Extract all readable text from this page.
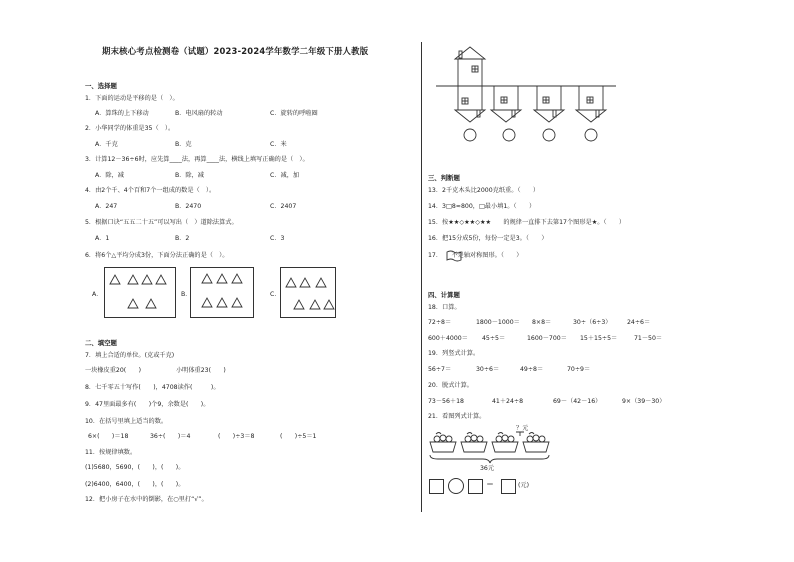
期末核心考点检测卷（试题）2023-2024学年数学二年级下册人教版
一、选择题
1．下面的运动是平移的是（　）。
A．算珠的上下移动	B．电风扇的转动	C．旋转的呼啦圈
2．小华同学的体重是35（　）。
A．千克	B．克	C．米
3．计算12－36÷6时，应先算____法，再算____法，横线上填写正确的是（　）。
A．除，减	B．除，减	C．减，加
4．由2个千、4个百和7个一组成的数是（　）。
A．247	B．2470	C．2407
5．根据口诀“五五二十五”可以写出（　）道除法算式。
A．1	B．2	C．3
6．将6个△平均分成3份，下面分法正确的是（　）。
A．	B．	C．
二、填空题
7．填上合适的单位。(克或千克)
一块橡皮重20(　　)	小明体重23(　　)
8．七千零五十写作(　　)，4708读作(　　　)。
9．47里面最多有(　　)个9，余数是(　　)。
10．在括号里填上适当的数。
6×(　　)＝18	36÷(　　)＝4	(　　)÷3＝8	(　　)÷5＝1
11．按规律填数。
(1)5680，5690，(　　)，(　　)。
(2)6400，6400，(　　)，(　　)。
12．把小房子在水中的倒影，在○里打“√”。
三、判断题
13．2千克木头比2000克纸重。（　　）
14．3□8≈800，□最小填1。（　　）
15．按★★◇★★◇★★　　的规律一直排下去第17个图形是★。（　　）
16．把15分成5份，每份一定是3。（　　）
17．　　不是轴对称图形。（　　）
四、计算题
18．口算。
72÷8＝	1800－1000＝ 8×8＝	30÷（6÷3）	24÷6＝
600＋4000＝ 45÷5＝	1600－700＝ 15＋15÷5＝	71－50＝
19．列竖式计算。
56÷7＝	30÷6＝	49÷8＝	70÷9＝
20．脱式计算。
73－56＋18	41＋24÷8	69－（42－16）	9×（39－30）
21．看图列式计算。
？元
36元
＝	(元)
